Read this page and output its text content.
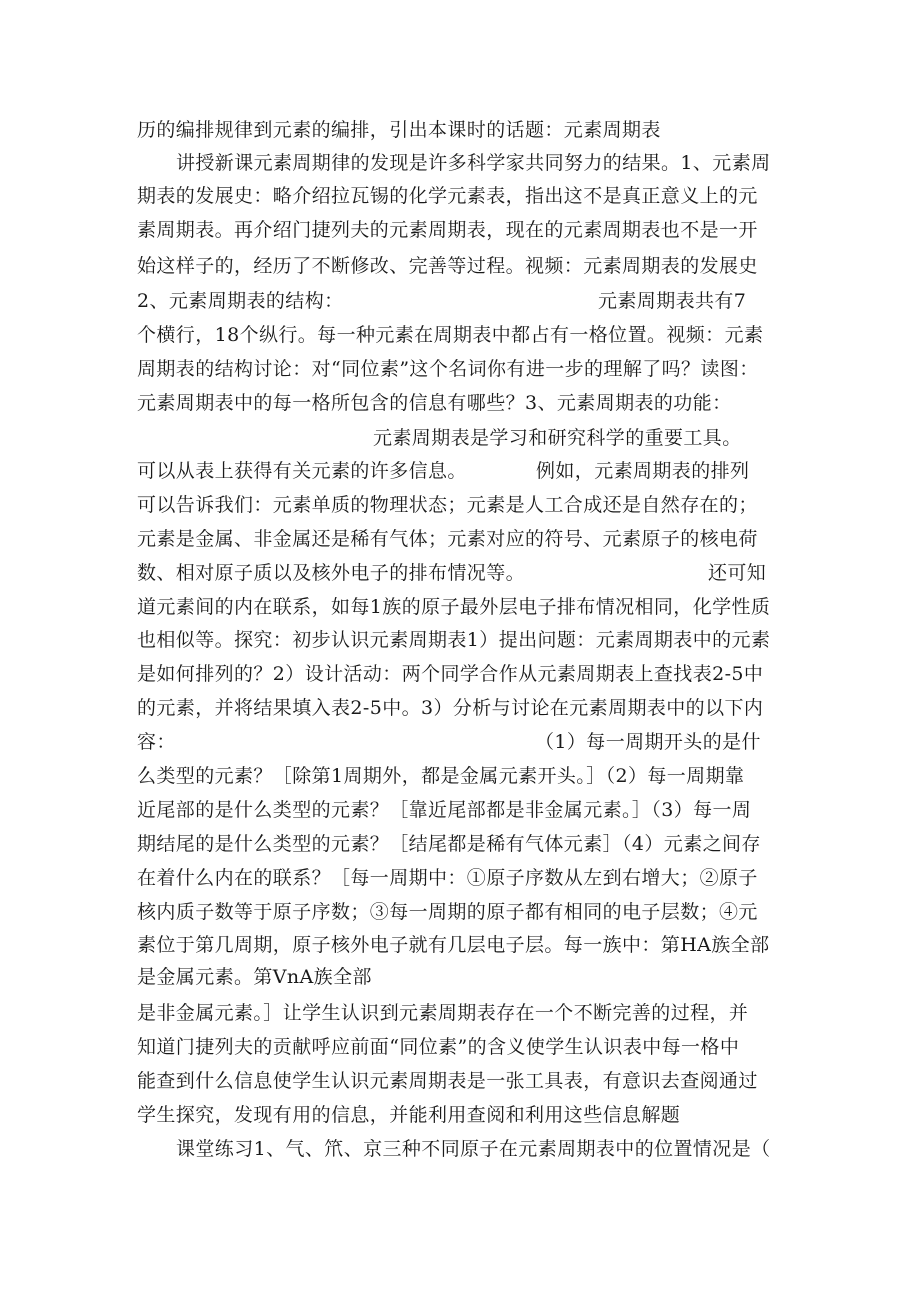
历的编排规律到元素的编排，引出本课时的话题：元素周期表
讲授新课元素周期律的发现是许多科学家共同努力的结果。1、元素周
期表的发展史：略介绍拉瓦锡的化学元素表，指出这不是真正意义上的元
素周期表。再介绍门捷列夫的元素周期表，现在的元素周期表也不是一开
始这样子的，经历了不断修改、完善等过程。视频：元素周期表的发展史
2、元素周期表的结构：	元素周期表共有7
个横行，18个纵行。每一种元素在周期表中都占有一格位置。视频：元素
周期表的结构讨论：对“同位素”这个名词你有进一步的理解了吗？读图：
元素周期表中的每一格所包含的信息有哪些？3、元素周期表的功能：
元素周期表是学习和研究科学的重要工具。
可以从表上获得有关元素的许多信息。	例如，元素周期表的排列
可以告诉我们：元素单质的物理状态；元素是人工合成还是自然存在的；
元素是金属、非金属还是稀有气体；元素对应的符号、元素原子的核电荷
数、相对原子质以及核外电子的排布情况等。	还可知
道元素间的内在联系，如每1族的原子最外层电子排布情况相同，化学性质
也相似等。探究：初步认识元素周期表1）提出问题：元素周期表中的元素
是如何排列的？2）设计活动：两个同学合作从元素周期表上查找表2-5中
的元素，并将结果填入表2-5中。3）分析与讨论在元素周期表中的以下内
容：	（1）每一周期开头的是什
么类型的元素？［除第1周期外，都是金属元素开头。］（2）每一周期靠
近尾部的是什么类型的元素？［靠近尾部都是非金属元素。］（3）每一周
期结尾的是什么类型的元素？［结尾都是稀有气体元素］（4）元素之间存
在着什么内在的联系？［每一周期中：①原子序数从左到右增大；②原子
核内质子数等于原子序数；③每一周期的原子都有相同的电子层数；④元
素位于第几周期，原子核外电子就有几层电子层。每一族中：第HA族全部
是金属元素。第VnA族全部
是非金属元素。］让学生认识到元素周期表存在一个不断完善的过程，并
知道门捷列夫的贡献呼应前面“同位素”的含义使学生认识表中每一格中
能查到什么信息使学生认识元素周期表是一张工具表，有意识去查阅通过
学生探究，发现有用的信息，并能利用查阅和利用这些信息解题
课堂练习1、气、笊、京三种不同原子在元素周期表中的位置情况是（
